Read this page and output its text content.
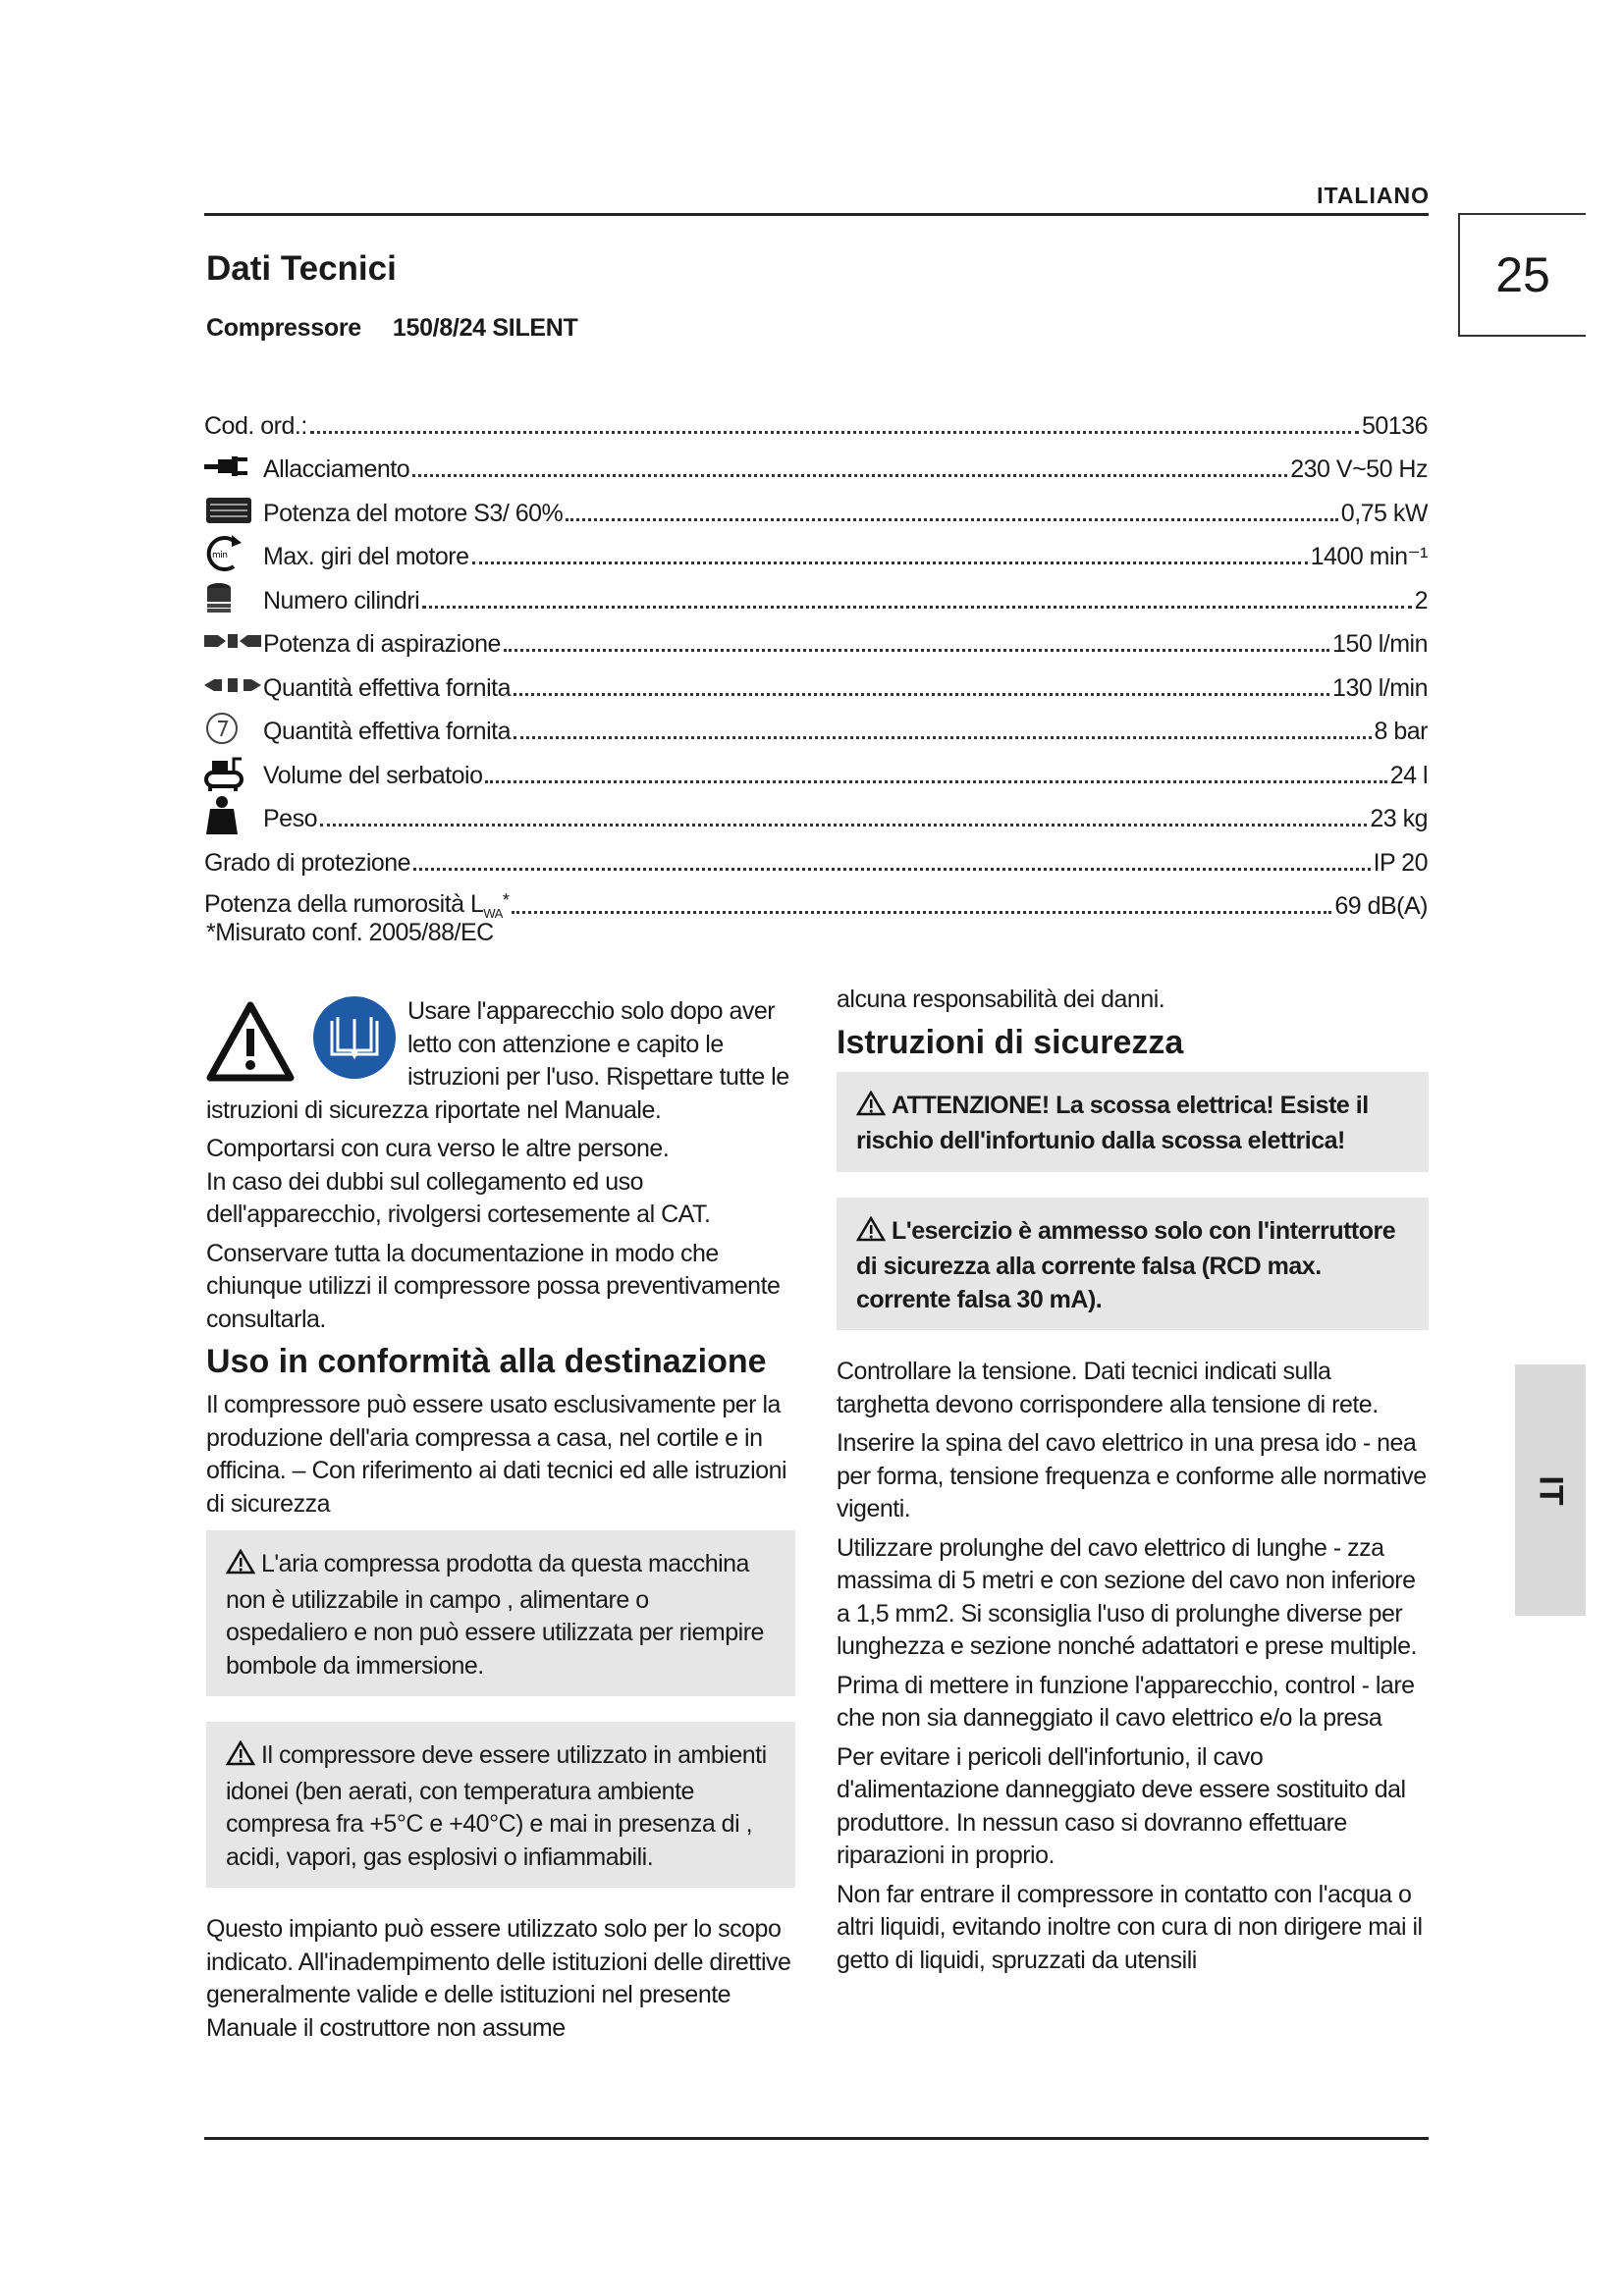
ITALIANO
25
IT
Dati Tecnici
Compressore 150/8/24 SILENT
Cod. ord.:	50136
Allacciamento	230 V~50 Hz
Potenza del motore S3/ 60%	0,75 kW
min Max. giri del motore	1400 min⁻¹
Numero cilindri	2
Potenza di aspirazione	150 l/min
Quantità effettiva fornita	130 l/min
Quantità effettiva fornita	8 bar
Volume del serbatoio	24 l
Peso	23 kg
Grado di protezione	IP 20
Potenza della rumorosità $L_{WA}^*$	69 dB(A)
*Misurato conf. 2005/88/EC

Usare l'apparecchio solo dopo aver letto con attenzione e capito le istruzioni per l'uso. Rispettare tutte le istruzioni di sicurezza riportate nel Manuale.

Comportarsi con cura verso le altre persone.

In caso dei dubbi sul collegamento ed uso dell'apparecchio, rivolgersi cortesemente al CAT.

Conservare tutta la documentazione in modo che chiunque utilizzi il compressore possa preventivamente consultarla.

Uso in conformità alla destinazione

Il compressore può essere usato esclusivamente per la produzione dell'aria compressa a casa, nel cortile e in officina. – Con riferimento ai dati tecnici ed alle istruzioni di sicurezza

L'aria compressa prodotta da questa macchina non è utilizzabile in campo , alimentare o ospedaliero e non può essere utilizzata per riempire bombole da immersione.
Il compressore deve essere utilizzato in ambienti idonei (ben aerati, con temperatura ambiente compresa fra +5°C e +40°C) e mai in presenza di , acidi, vapori, gas esplosivi o infiammabili.

Questo impianto può essere utilizzato solo per lo scopo indicato. All'inadempimento delle istituzioni delle direttive generalmente valide e delle istituzioni nel presente Manuale il costruttore non assume

alcuna responsabilità dei danni.

Istruzioni di sicurezza
ATTENZIONE! La scossa elettrica! Esiste il rischio dell'infortunio dalla scossa elettrica!
L'esercizio è ammesso solo con l'interruttore di sicurezza alla corrente falsa (RCD max. corrente falsa 30 mA).

Controllare la tensione. Dati tecnici indicati sulla targhetta devono corrispondere alla tensione di rete.

Inserire la spina del cavo elettrico in una presa ido - nea per forma, tensione frequenza e conforme alle normative vigenti.

Utilizzare prolunghe del cavo elettrico di lunghe - zza massima di 5 metri e con sezione del cavo non inferiore a 1,5 mm2. Si sconsiglia l'uso di prolunghe diverse per lunghezza e sezione nonché adattatori e prese multiple.

Prima di mettere in funzione l'apparecchio, control - lare che non sia danneggiato il cavo elettrico e/o la presa

Per evitare i pericoli dell'infortunio, il cavo d'alimentazione danneggiato deve essere sostituito dal produttore. In nessun caso si dovranno effettuare riparazioni in proprio.

Non far entrare il compressore in contatto con l'acqua o altri liquidi, evitando inoltre con cura di non dirigere mai il getto di liquidi, spruzzati da utensili
